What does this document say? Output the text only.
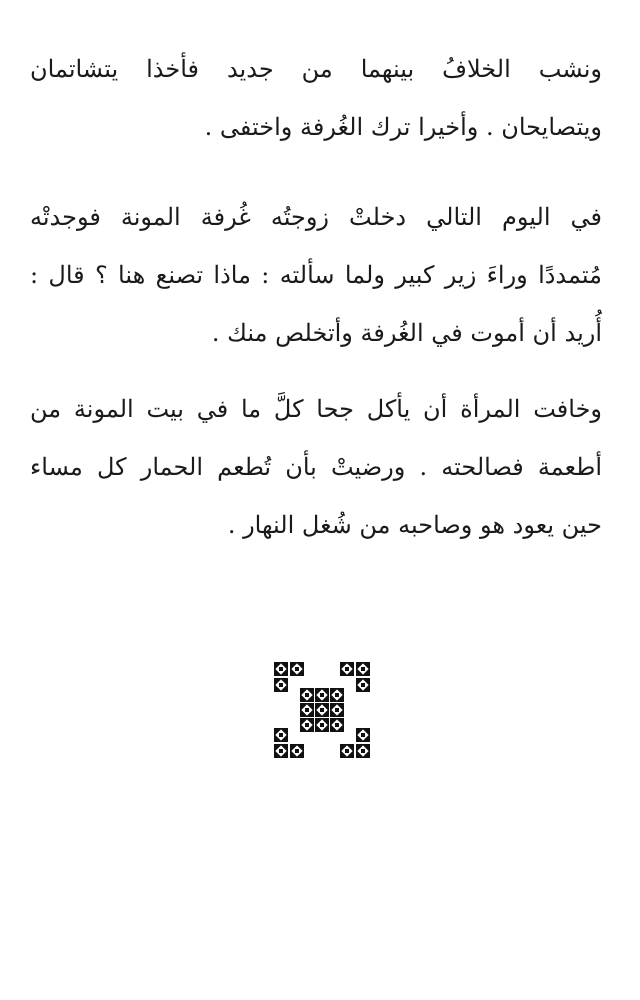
ونشب الخلافُ بينهما من جديد فأخذا يتشاتمان
ويتصايحان . وأخيرا ترك الغُرفة واختفى .
في اليوم التالي دخلتْ زوجتُه غُرفة المونة فوجدتْه
مُتمددًا وراءَ زير كبير ولما سألته : ماذا تصنع هنا ؟ قال :
أُريد أن أموت في الغُرفة وأتخلص منك .
وخافت المرأة أن يأكل جحا كلَّ ما في بيت المونة من
أطعمة فصالحته . ورضيتْ بأن تُطعم الحمار كل مساء
حين يعود هو وصاحبه من شُغل النهار .
